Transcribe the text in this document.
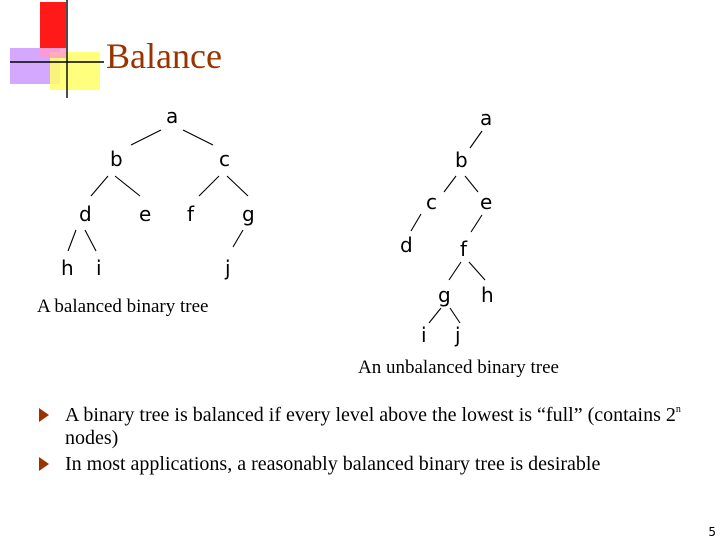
Balance
a
b	c
d e f g
h i	j
a
b
c
d
e
f
g h
i j
A balanced binary tree
An unbalanced binary tree
A binary tree is balanced if every level above the lowest is “full” (contains 2$^n$ nodes)
In most applications, a reasonably balanced binary tree is desirable
5
